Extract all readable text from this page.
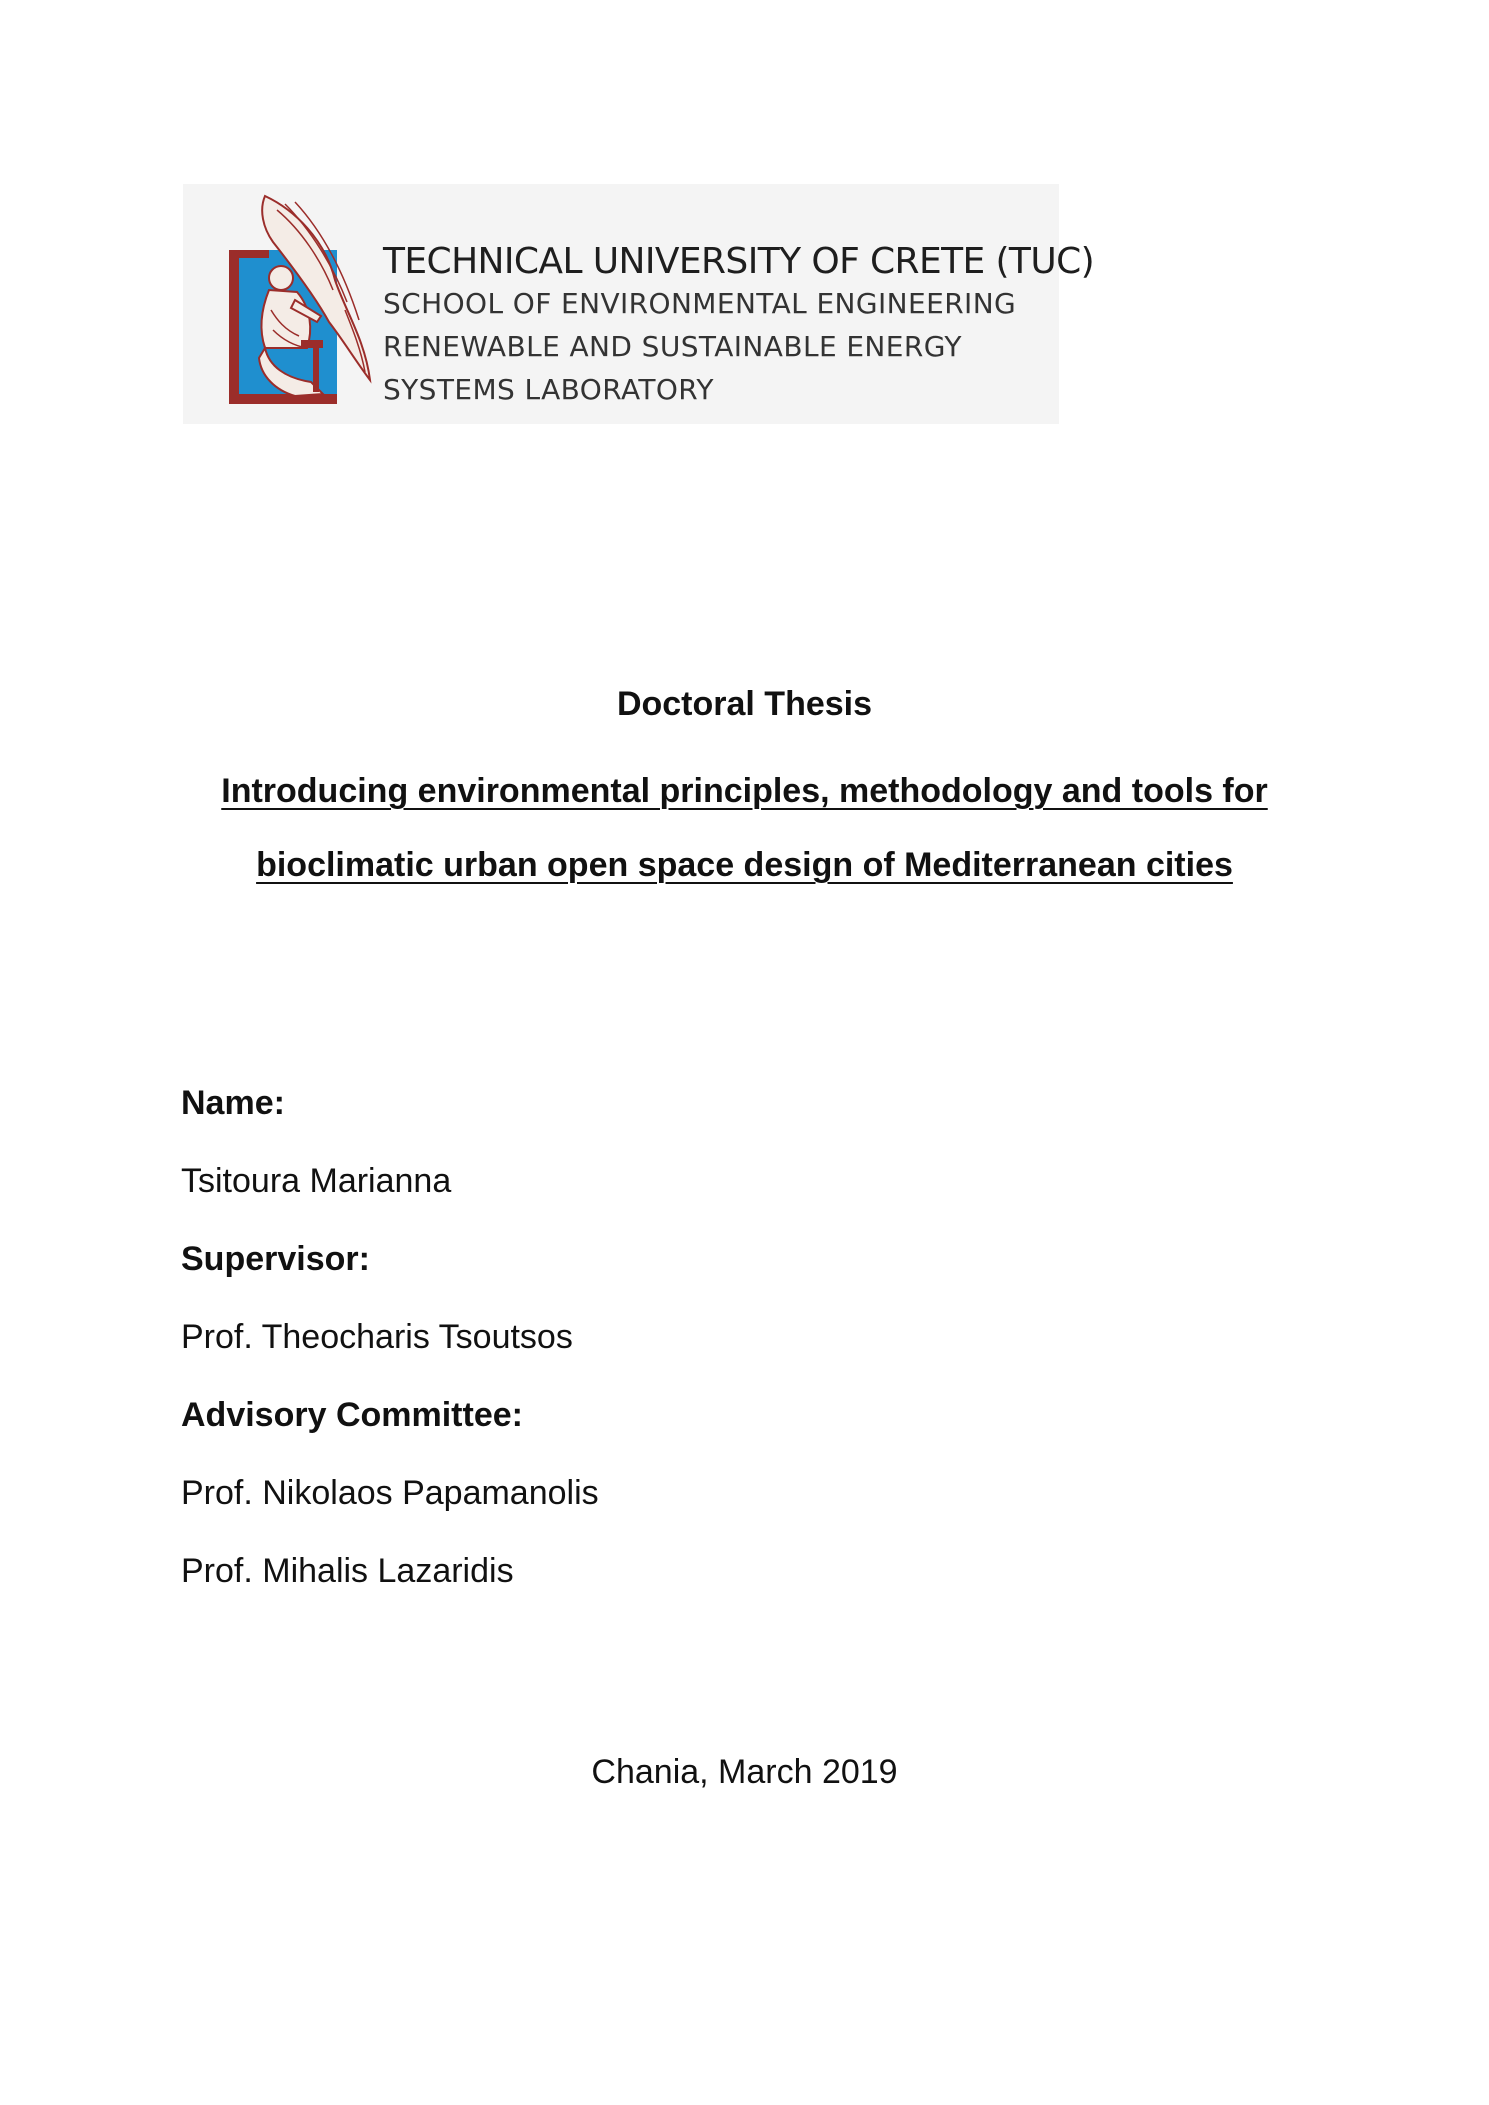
TECHNICAL UNIVERSITY OF CRETE (TUC)
SCHOOL OF ENVIRONMENTAL ENGINEERING
RENEWABLE AND SUSTAINABLE ENERGY
SYSTEMS LABORATORY

Doctoral Thesis

Introducing environmental principles, methodology and tools for bioclimatic urban open space design of Mediterranean cities

Name:
Tsitoura Marianna
Supervisor:
Prof. Theocharis Tsoutsos
Advisory Committee:
Prof. Nikolaos Papamanolis
Prof. Mihalis Lazaridis
Chania, March 2019
